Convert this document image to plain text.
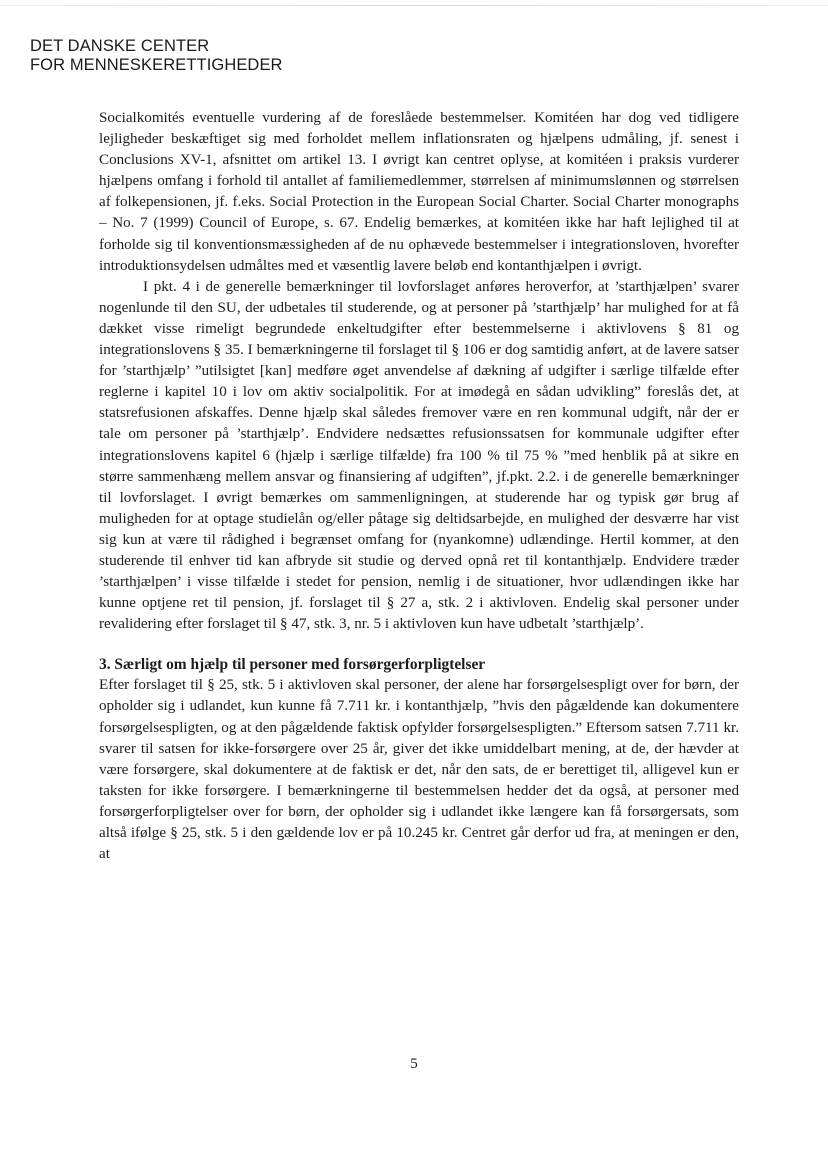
DET DANSKE CENTER
FOR MENNESKERETTIGHEDER

Socialkomités eventuelle vurdering af de foreslåede bestemmelser. Komitéen har dog ved tidligere lejligheder beskæftiget sig med forholdet mellem inflationsraten og hjælpens udmåling, jf. senest i Conclusions XV-1, afsnittet om artikel 13. I øvrigt kan centret oplyse, at komitéen i praksis vurderer hjælpens omfang i forhold til antallet af familiemedlemmer, størrelsen af minimumslønnen og størrelsen af folkepensionen, jf. f.eks. Social Protection in the European Social Charter. Social Charter monographs – No. 7 (1999) Council of Europe, s. 67. Endelig bemærkes, at komitéen ikke har haft lejlighed til at forholde sig til konventionsmæssigheden af de nu ophævede bestemmelser i integrationsloven, hvorefter introduktionsydelsen udmåltes med et væsentlig lavere beløb end kontanthjælpen i øvrigt.

I pkt. 4 i de generelle bemærkninger til lovforslaget anføres heroverfor, at ’starthjælpen’ svarer nogenlunde til den SU, der udbetales til studerende, og at personer på ’starthjælp’ har mulighed for at få dækket visse rimeligt begrundede enkeltudgifter efter bestemmelserne i aktivlovens § 81 og integrationslovens § 35. I bemærkningerne til forslaget til § 106 er dog samtidig anført, at de lavere satser for ’starthjælp’ ”utilsigtet [kan] medføre øget anvendelse af dækning af udgifter i særlige tilfælde efter reglerne i kapitel 10 i lov om aktiv socialpolitik. For at imødegå en sådan udvikling” foreslås det, at statsrefusionen afskaffes. Denne hjælp skal således fremover være en ren kommunal udgift, når der er tale om personer på ’starthjælp’. Endvidere nedsættes refusionssatsen for kommunale udgifter efter integrationslovens kapitel 6 (hjælp i særlige tilfælde) fra 100 % til 75 % ”med henblik på at sikre en større sammenhæng mellem ansvar og finansiering af udgiften”, jf.pkt. 2.2. i de generelle bemærkninger til lovforslaget. I øvrigt bemærkes om sammenligningen, at studerende har og typisk gør brug af muligheden for at optage studielån og/eller påtage sig deltidsarbejde, en mulighed der desværre har vist sig kun at være til rådighed i begrænset omfang for (nyankomne) udlændinge. Hertil kommer, at den studerende til enhver tid kan afbryde sit studie og derved opnå ret til kontanthjælp. Endvidere træder ’starthjælpen’ i visse tilfælde i stedet for pension, nemlig i de situationer, hvor udlændingen ikke har kunne optjene ret til pension, jf. forslaget til § 27 a, stk. 2 i aktivloven. Endelig skal personer under revalidering efter forslaget til § 47, stk. 3, nr. 5 i aktivloven kun have udbetalt ’starthjælp’.

3. Særligt om hjælp til personer med forsørgerforpligtelser

Efter forslaget til § 25, stk. 5 i aktivloven skal personer, der alene har forsørgelsespligt over for børn, der opholder sig i udlandet, kun kunne få 7.711 kr. i kontanthjælp, ”hvis den pågældende kan dokumentere forsørgelsespligten, og at den pågældende faktisk opfylder forsørgelsespligten.” Eftersom satsen 7.711 kr. svarer til satsen for ikke-forsørgere over 25 år, giver det ikke umiddelbart mening, at de, der hævder at være forsørgere, skal dokumentere at de faktisk er det, når den sats, de er berettiget til, alligevel kun er taksten for ikke forsørgere. I bemærkningerne til bestemmelsen hedder det da også, at personer med forsørgerforpligtelser over for børn, der opholder sig i udlandet ikke længere kan få forsørgersats, som altså ifølge § 25, stk. 5 i den gældende lov er på 10.245 kr. Centret går derfor ud fra, at meningen er den, at

5
